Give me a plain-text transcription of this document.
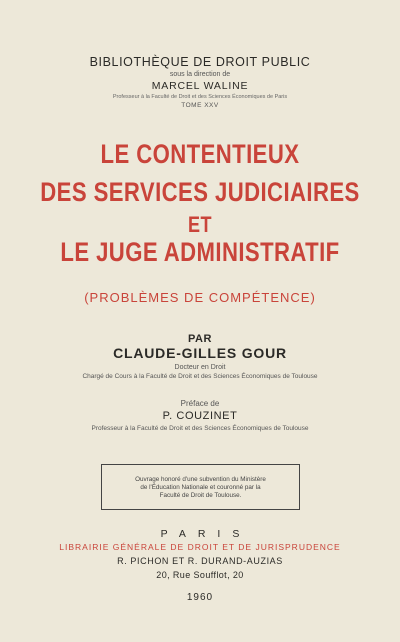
BIBLIOTHÈQUE DE DROIT PUBLIC
sous la direction de
MARCEL WALINE
Professeur à la Faculté de Droit et des Sciences Économiques de Paris
TOME XXV
LE CONTENTIEUX
DES SERVICES JUDICIAIRES
ET
LE JUGE ADMINISTRATIF
(PROBLÈMES DE COMPÉTENCE)
PAR
CLAUDE-GILLES GOUR
Docteur en Droit
Chargé de Cours à la Faculté de Droit et des Sciences Économiques de Toulouse
Préface de
P. COUZINET
Professeur à la Faculté de Droit et des Sciences Économiques de Toulouse
Ouvrage honoré d'une subvention du Ministère
de l'Éducation Nationale et couronné par la
Faculté de Droit de Toulouse.
PARIS
LIBRAIRIE GÉNÉRALE DE DROIT ET DE JURISPRUDENCE
R. PICHON ET R. DURAND-AUZIAS
20, Rue Soufflot, 20
1960
